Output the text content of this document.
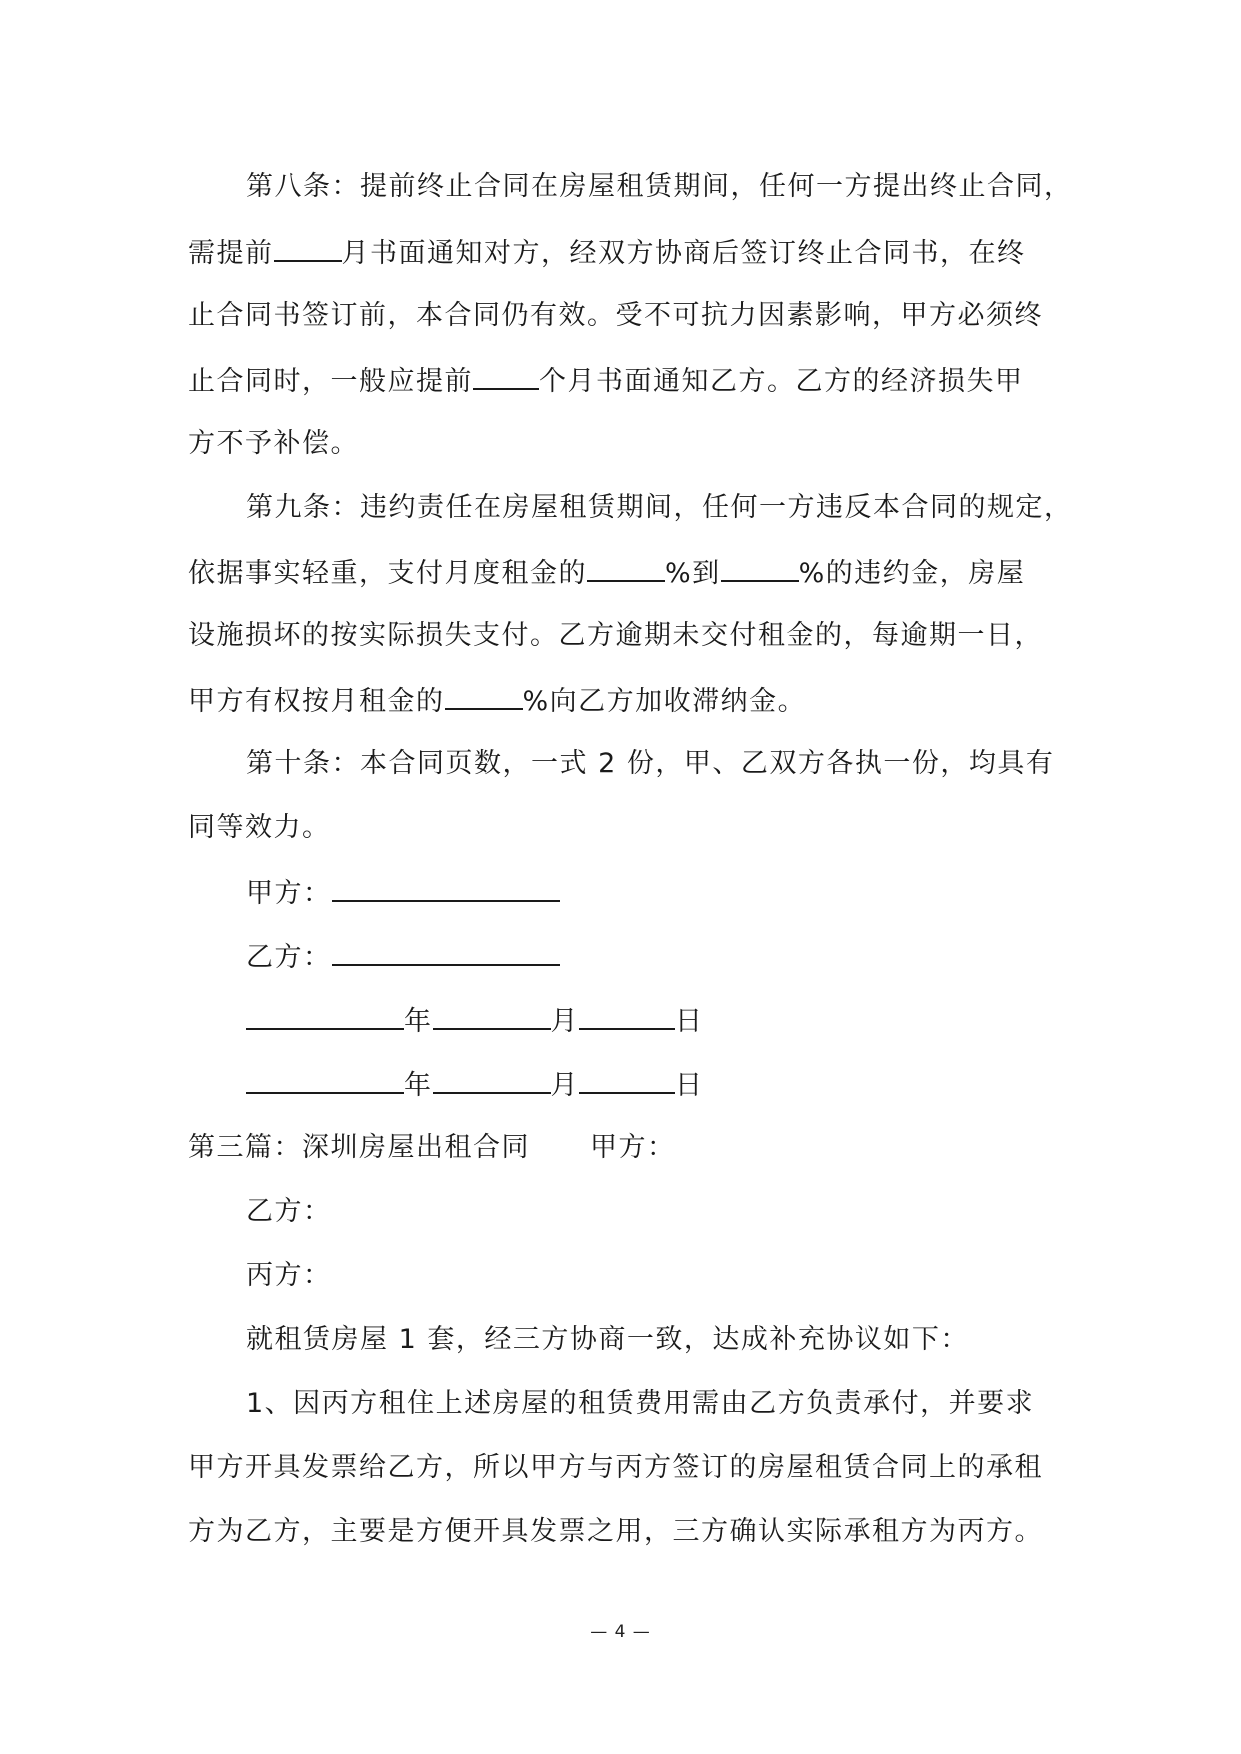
第八条：提前终止合同在房屋租赁期间，任何一方提出终止合同，
需提前	月书面通知对方，经双方协商后签订终止合同书，在终
止合同书签订前，本合同仍有效。受不可抗力因素影响，甲方必须终
止合同时，一般应提前 个月书面通知乙方。乙方的经济损失甲
方不予补偿。
第九条：违约责任在房屋租赁期间，任何一方违反本合同的规定，
依据事实轻重，支付月度租金的	%到	%的违约金，房屋
设施损坏的按实际损失支付。乙方逾期未交付租金的，每逾期一日，
甲方有权按月租金的	%向乙方加收滞纳金。
第十条：本合同页数，一式 2 份，甲、乙双方各执一份，均具有
同等效力。
甲方：
乙方：
年	月	日
年	月	日
第三篇：深圳房屋出租合同 甲方：
乙方：
丙方：
就租赁房屋 1 套，经三方协商一致，达成补充协议如下：
1、因丙方租住上述房屋的租赁费用需由乙方负责承付，并要求
甲方开具发票给乙方，所以甲方与丙方签订的房屋租赁合同上的承租
方为乙方，主要是方便开具发票之用，三方确认实际承租方为丙方。
— 4 —
